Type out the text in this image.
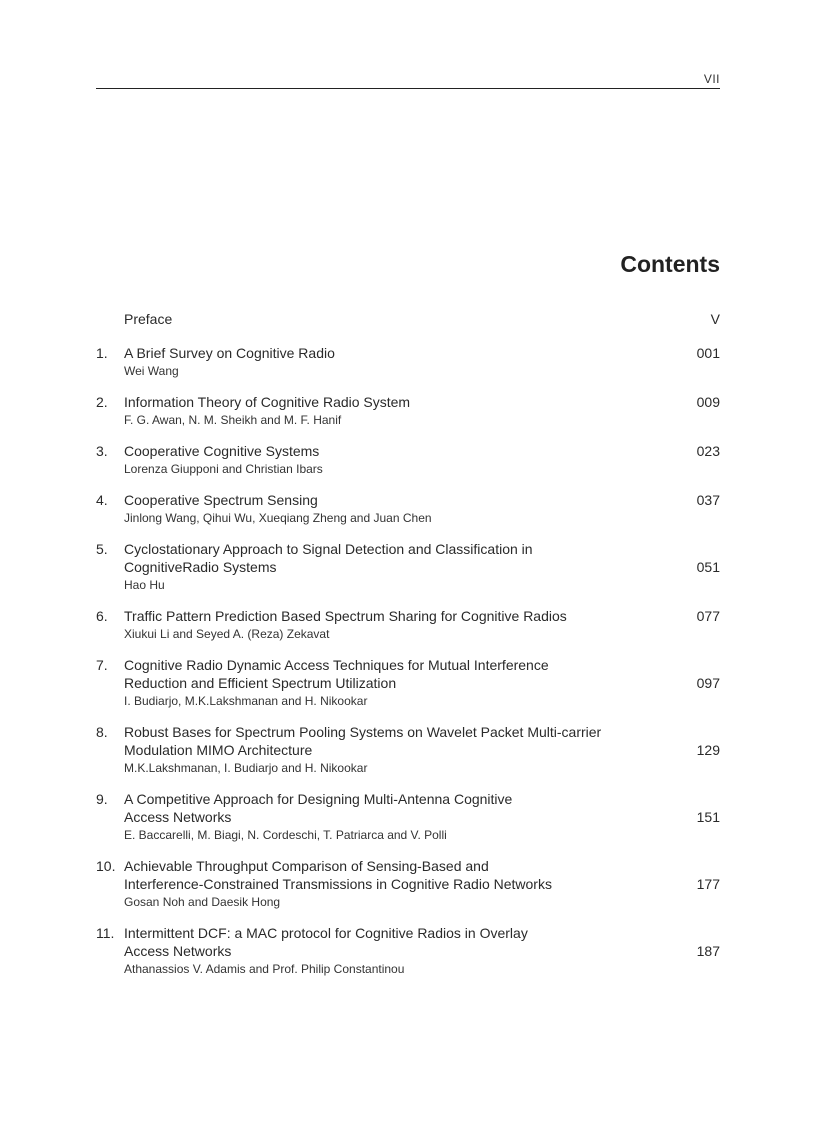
VII
Contents
Preface	V
1. A Brief Survey on Cognitive Radio
Wei Wang
001
2. Information Theory of Cognitive Radio System
F. G. Awan, N. M. Sheikh and M. F. Hanif
009
3. Cooperative Cognitive Systems
Lorenza Giupponi and Christian Ibars
023
4. Cooperative Spectrum Sensing
Jinlong Wang, Qihui Wu, Xueqiang Zheng and Juan Chen
037
5. Cyclostationary Approach to Signal Detection and Classification in
CognitiveRadio Systems
Hao Hu
051
6. Traffic Pattern Prediction Based Spectrum Sharing for Cognitive Radios
Xiukui Li and Seyed A. (Reza) Zekavat
077
7. Cognitive Radio Dynamic Access Techniques for Mutual Interference
Reduction and Efficient Spectrum Utilization
I. Budiarjo, M.K.Lakshmanan and H. Nikookar
097
8. Robust Bases for Spectrum Pooling Systems on Wavelet Packet Multi-carrier
Modulation MIMO Architecture
M.K.Lakshmanan, I. Budiarjo and H. Nikookar
129
9. A Competitive Approach for Designing Multi-Antenna Cognitive
Access Networks
E. Baccarelli, M. Biagi, N. Cordeschi, T. Patriarca and V. Polli
151
10. Achievable Throughput Comparison of Sensing-Based and
Interference-Constrained Transmissions in Cognitive Radio Networks
Gosan Noh and Daesik Hong
177
11. Intermittent DCF: a MAC protocol for Cognitive Radios in Overlay
Access Networks
Athanassios V. Adamis and Prof. Philip Constantinou
187
